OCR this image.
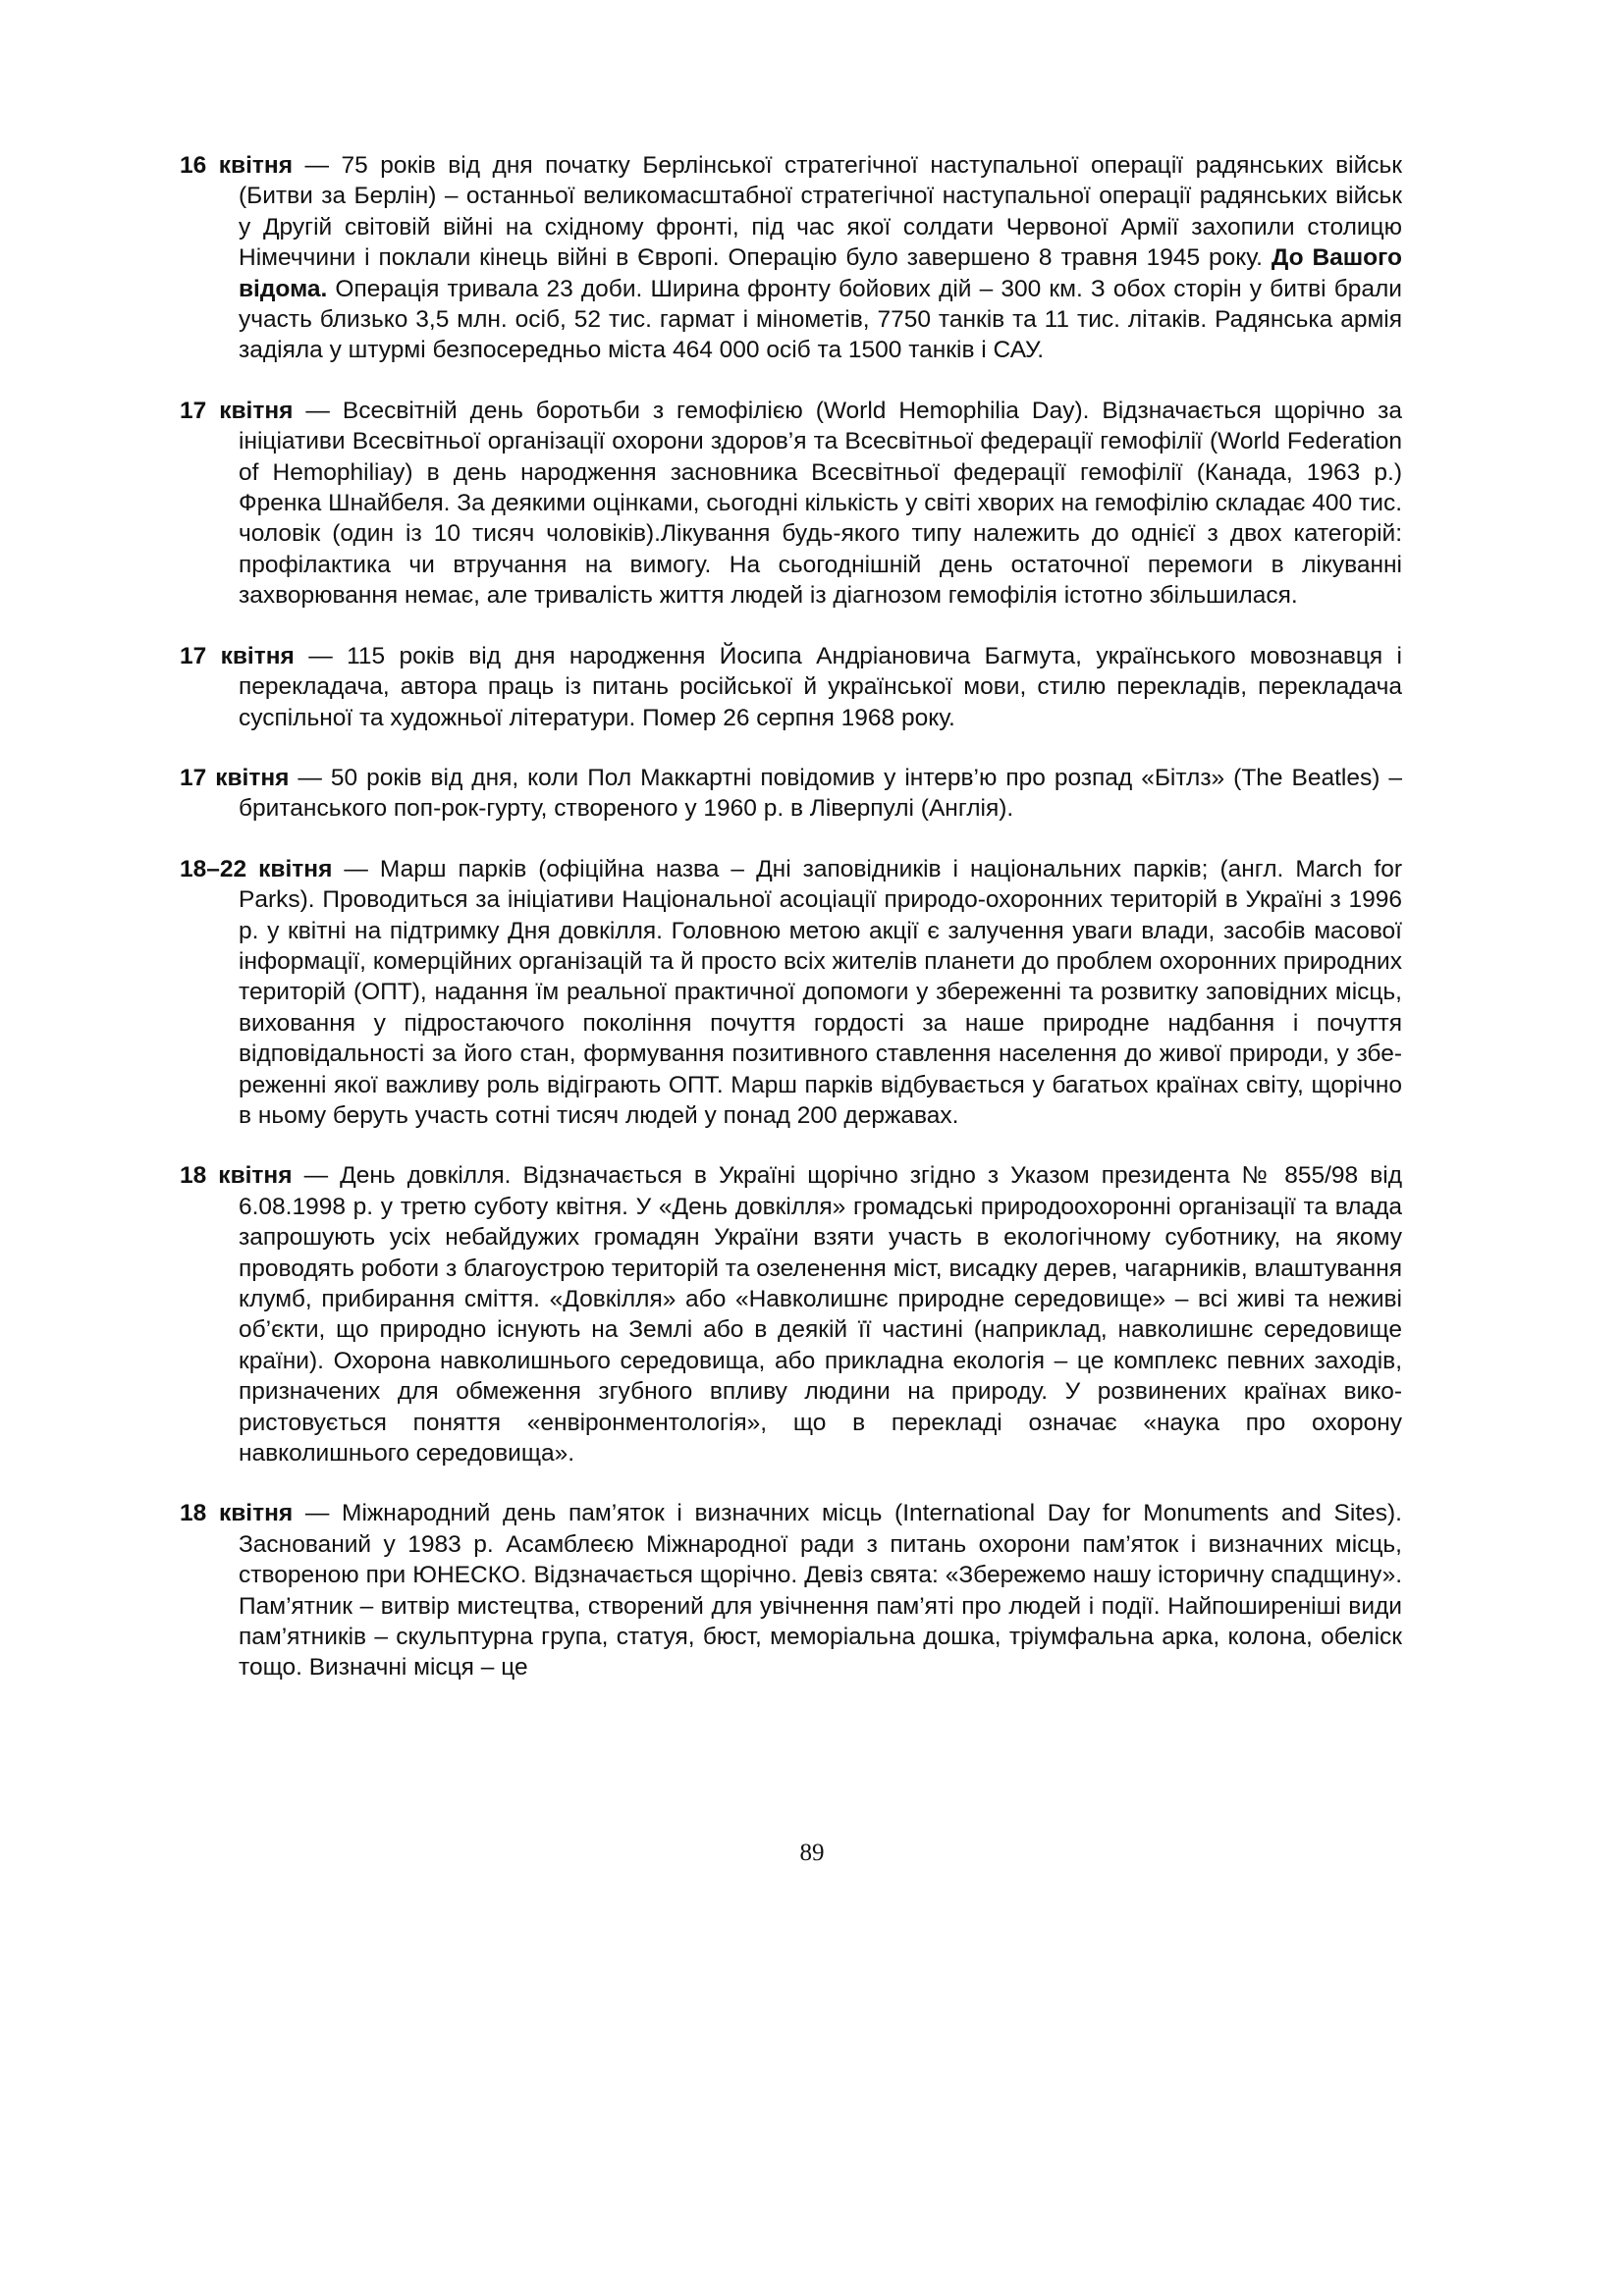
16 квітня — 75 років від дня початку Берлінської стратегічної наступальної операції радянських військ (Битви за Берлін) – останньої великомасштабної стратегічної наступальної операції радянських військ у Другій світовій війні на східному фронті, під час якої солдати Червоної Армії захопили столицю Німеччини і поклали кінець війні в Європі. Операцію було завершено 8 травня 1945 року. До Вашого відома. Операція тривала 23 доби. Ширина фронту бойових дій – 300 км. З обох сторін у битві брали участь близько 3,5 млн. осіб, 52 тис. гармат і мінометів, 7750 танків та 11 тис. літаків. Радянська армія задіяла у штурмі безпосередньо міста 464 000 осіб та 1500 танків і САУ.

17 квітня — Всесвітній день боротьби з гемофілією (World Hemophilia Day). Відзначається щорічно за ініціативи Всесвітньої організації охорони здоров’я та Всесвітньої федерації гемофілії (World Federation of Hemophiliay) в день народження засновника Всесвітньої федерації гемофілії (Канада, 1963 р.) Френка Шнайбеля. За деякими оцінками, сьогодні кількість у світі хворих на гемофілію складає 400 тис. чоловік (один із 10 тисяч чоловіків).Лікування будь-якого типу належить до однієї з двох категорій: профілактика чи втручання на вимогу. На сьогоднішній день остаточної перемоги в лікуванні захворювання немає, але тривалість життя людей із діагнозом гемофілія істотно збільшилася.

17 квітня — 115 років від дня народження Йосипа Андріановича Багмута, українського мовознавця і перекладача, автора праць із питань російської й української мови, стилю перекладів, перекладача суспільної та художньої літератури. Помер 26 серпня 1968 року.

17 квітня — 50 років від дня, коли Пол Маккартні повідомив у інтерв’ю про розпад «Бітлз» (The Beatles) – британського поп-рок-гурту, створеного у 1960 р. в Ліверпулі (Англія).

18–22 квітня — Марш парків (офіційна назва – Дні заповідників і національних парків; (англ. March for Parks). Проводиться за ініціативи Національної асоціації природо-охоронних територій в Україні з 1996 р. у квітні на підтримку Дня довкілля. Головною метою акції є залучення уваги влади, засобів масової інформації, комерційних організацій та й просто всіх жителів планети до проблем охоронних природних територій (ОПТ), надання їм реальної практичної допомоги у збереженні та розвитку заповідних місць, виховання у підростаючого покоління почуття гордості за наше природне надбання і почуття відповідальності за його стан, формування позитивного ставлення населення до живої природи, у збереженні якої важливу роль відіграють ОПТ. Марш парків відбувається у багатьох країнах світу, щорічно в ньому беруть участь сотні тисяч людей у понад 200 державах.

18 квітня — День довкілля. Відзначається в Україні щорічно згідно з Указом президента № 855/98 від 6.08.1998 р. у третю суботу квітня. У «День довкілля» громадські природоохоронні організації та влада запрошують усіх небайдужих громадян України взяти участь в екологічному суботнику, на якому проводять роботи з благоустрою територій та озеленення міст, висадку дерев, чагарників, влаштування клумб, прибирання сміття. «Довкілля» або «Навколишнє природне середовище» – всі живі та неживі об’єкти, що природно існують на Землі або в деякій її частині (наприклад, навколишнє середовище країни). Охорона навколишнього середовища, або прикладна екологія – це комплекс певних заходів, призначених для обмеження згубного впливу людини на природу. У розвинених країнах використовується поняття «енвіронментологія», що в перекладі означає «наука про охорону навколишнього середовища».

18 квітня — Міжнародний день пам’яток і визначних місць (International Day for Monuments and Sites). Заснований у 1983 р. Асамблеєю Міжнародної ради з питань охорони пам’яток і визначних місць, створеною при ЮНЕСКО. Відзначається щорічно. Девіз свята: «Збережемо нашу історичну спадщину». Пам’ятник – витвір мистецтва, створений для увічнення пам’яті про людей і події. Найпоширеніші види пам’ятників – скульптурна група, статуя, бюст, меморіальна дошка, тріумфальна арка, колона, обеліск тощо. Визначні місця – це

89
